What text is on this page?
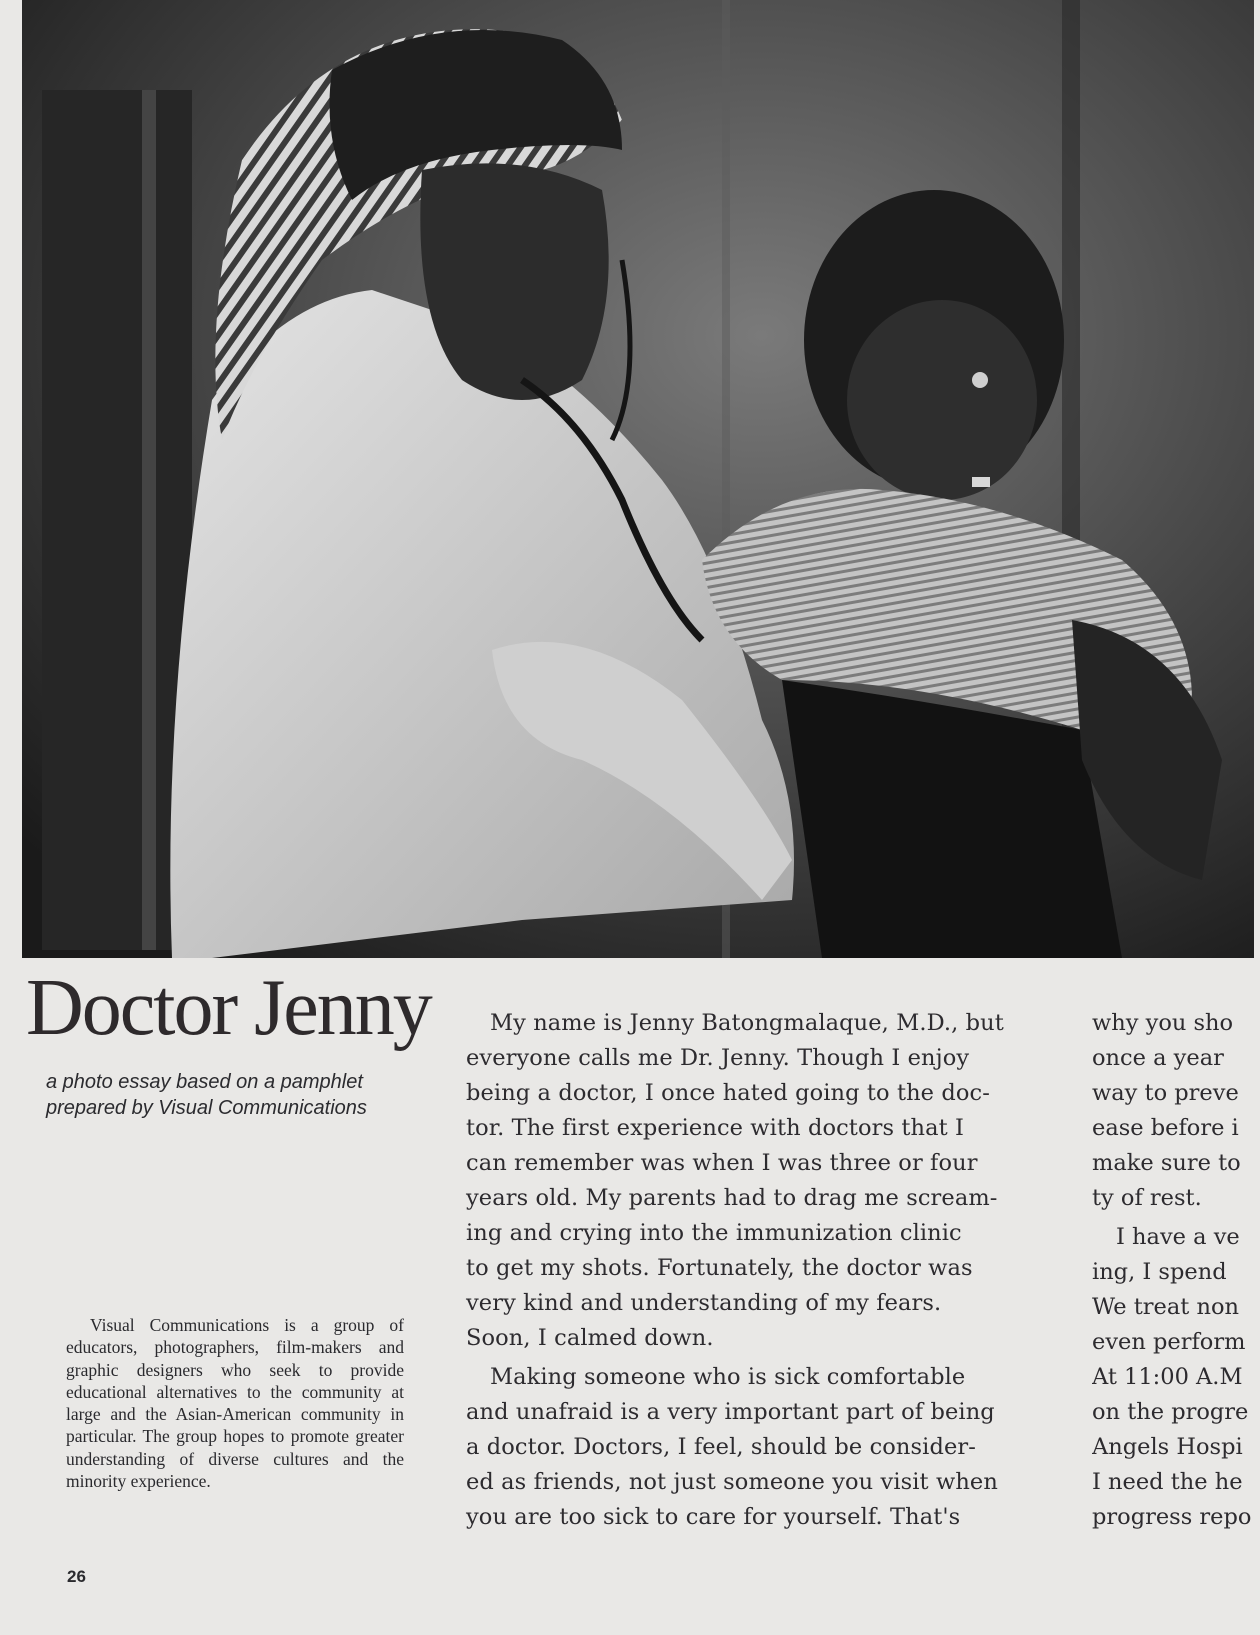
Doctor Jenny
a photo essay based on a pamphlet
prepared by Visual Communications

Visual Communications is a group of educators, photographers, film-makers and graphic designers who seek to provide educational alternatives to the community at large and the Asian-American community in particular. The group hopes to promote greater understanding of diverse cultures and the minority experience.

26
My name is Jenny Batongmalaque, M.D., but
everyone calls me Dr. Jenny. Though I enjoy
being a doctor, I once hated going to the doc-
tor. The first experience with doctors that I
can remember was when I was three or four
years old. My parents had to drag me scream-
ing and crying into the immunization clinic
to get my shots. Fortunately, the doctor was
very kind and understanding of my fears.
Soon, I calmed down.
Making someone who is sick comfortable
and unafraid is a very important part of being
a doctor. Doctors, I feel, should be consider-
ed as friends, not just someone you visit when
you are too sick to care for yourself. That's
why you sho
once a year
way to preve
ease before i
make sure to
ty of rest.
I have a ve
ing, I spend
We treat non
even perform
At 11:00 A.M
on the progre
Angels Hospi
I need the he
progress repo
